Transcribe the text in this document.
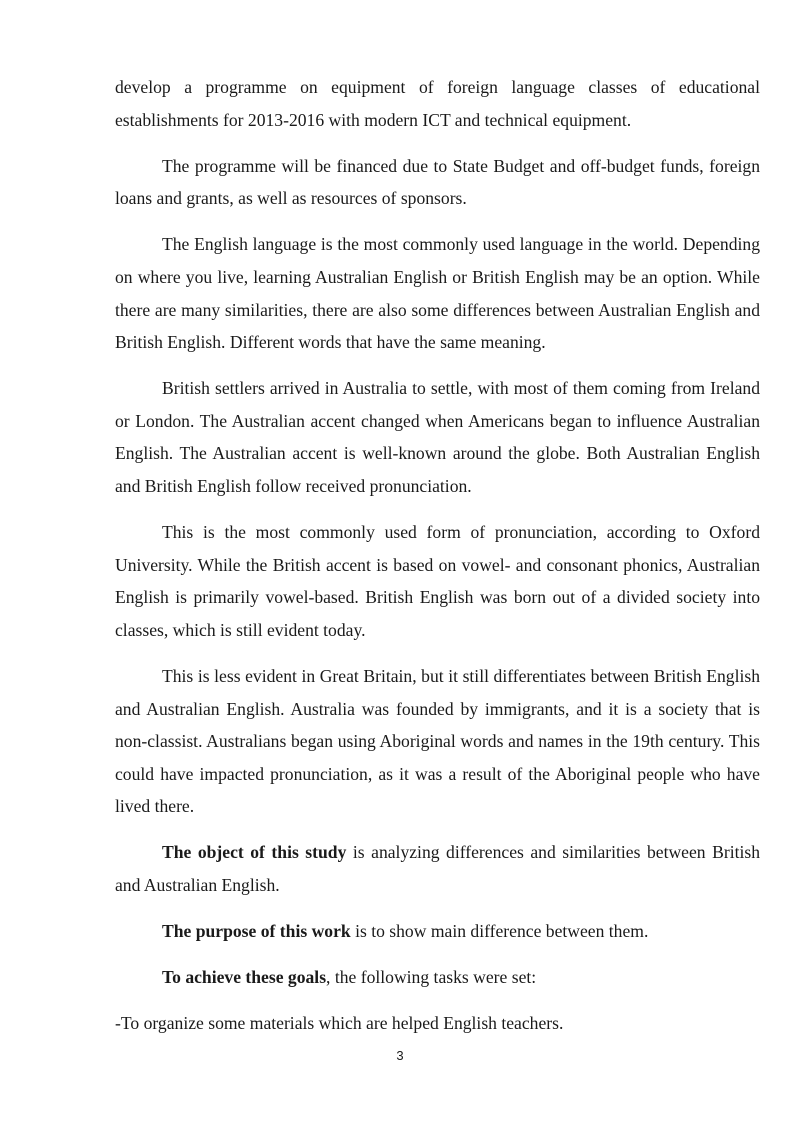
develop a programme on equipment of foreign language classes of educational establishments for 2013-2016 with modern ICT and technical equipment.

The programme will be financed due to State Budget and off-budget funds, foreign loans and grants, as well as resources of sponsors.

The English language is the most commonly used language in the world. Depending on where you live, learning Australian English or British English may be an option. While there are many similarities, there are also some differences between Australian English and British English. Different words that have the same meaning.

British settlers arrived in Australia to settle, with most of them coming from Ireland or London. The Australian accent changed when Americans began to influence Australian English. The Australian accent is well-known around the globe. Both Australian English and British English follow received pronunciation.

This is the most commonly used form of pronunciation, according to Oxford University. While the British accent is based on vowel- and consonant phonics, Australian English is primarily vowel-based. British English was born out of a divided society into classes, which is still evident today.

This is less evident in Great Britain, but it still differentiates between British English and Australian English. Australia was founded by immigrants, and it is a society that is non-classist. Australians began using Aboriginal words and names in the 19th century. This could have impacted pronunciation, as it was a result of the Aboriginal people who have lived there.

The object of this study is analyzing differences and similarities between British and Australian English.

The purpose of this work is to show main difference between them.

To achieve these goals, the following tasks were set:

-To organize some materials which are helped English teachers.

3
